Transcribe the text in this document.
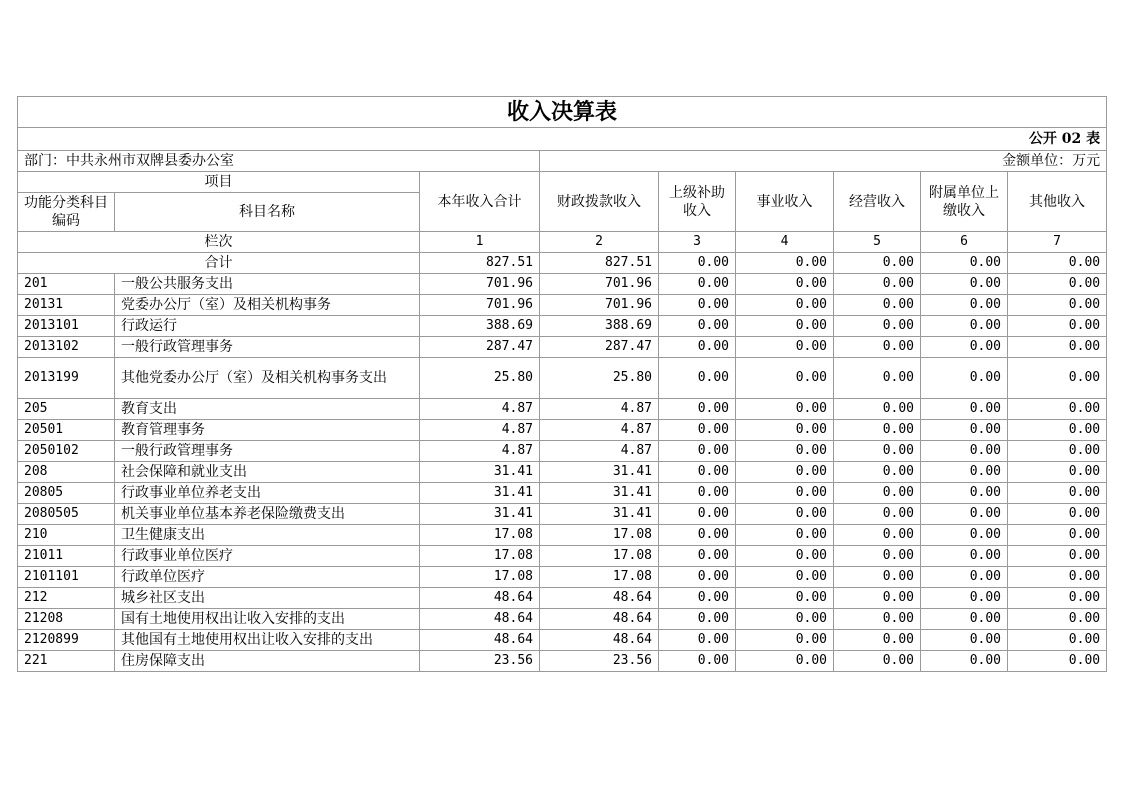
收入决算表								
公开 02 表								
部门：中共永州市双牌县委办公室			金额单位：万元					
项目		本年收入合计	财政拨款收入	上级补助收入	事业收入	经营收入	附属单位上缴收入	其他收入
功能分类科目编码	科目名称							
栏次		1	2	3	4	5	6	7
合计		827.51	827.51	0.00	0.00	0.00	0.00	0.00
201	一般公共服务支出	701.96	701.96	0.00	0.00	0.00	0.00	0.00
20131	党委办公厅（室）及相关机构事务	701.96	701.96	0.00	0.00	0.00	0.00	0.00
2013101	行政运行	388.69	388.69	0.00	0.00	0.00	0.00	0.00
2013102	一般行政管理事务	287.47	287.47	0.00	0.00	0.00	0.00	0.00
2013199	其他党委办公厅（室）及相关机构事务支出	25.80	25.80	0.00	0.00	0.00	0.00	0.00
205	教育支出	4.87	4.87	0.00	0.00	0.00	0.00	0.00
20501	教育管理事务	4.87	4.87	0.00	0.00	0.00	0.00	0.00
2050102	一般行政管理事务	4.87	4.87	0.00	0.00	0.00	0.00	0.00
208	社会保障和就业支出	31.41	31.41	0.00	0.00	0.00	0.00	0.00
20805	行政事业单位养老支出	31.41	31.41	0.00	0.00	0.00	0.00	0.00
2080505	机关事业单位基本养老保险缴费支出	31.41	31.41	0.00	0.00	0.00	0.00	0.00
210	卫生健康支出	17.08	17.08	0.00	0.00	0.00	0.00	0.00
21011	行政事业单位医疗	17.08	17.08	0.00	0.00	0.00	0.00	0.00
2101101	行政单位医疗	17.08	17.08	0.00	0.00	0.00	0.00	0.00
212	城乡社区支出	48.64	48.64	0.00	0.00	0.00	0.00	0.00
21208	国有土地使用权出让收入安排的支出	48.64	48.64	0.00	0.00	0.00	0.00	0.00
2120899	其他国有土地使用权出让收入安排的支出	48.64	48.64	0.00	0.00	0.00	0.00	0.00
221	住房保障支出	23.56	23.56	0.00	0.00	0.00	0.00	0.00
